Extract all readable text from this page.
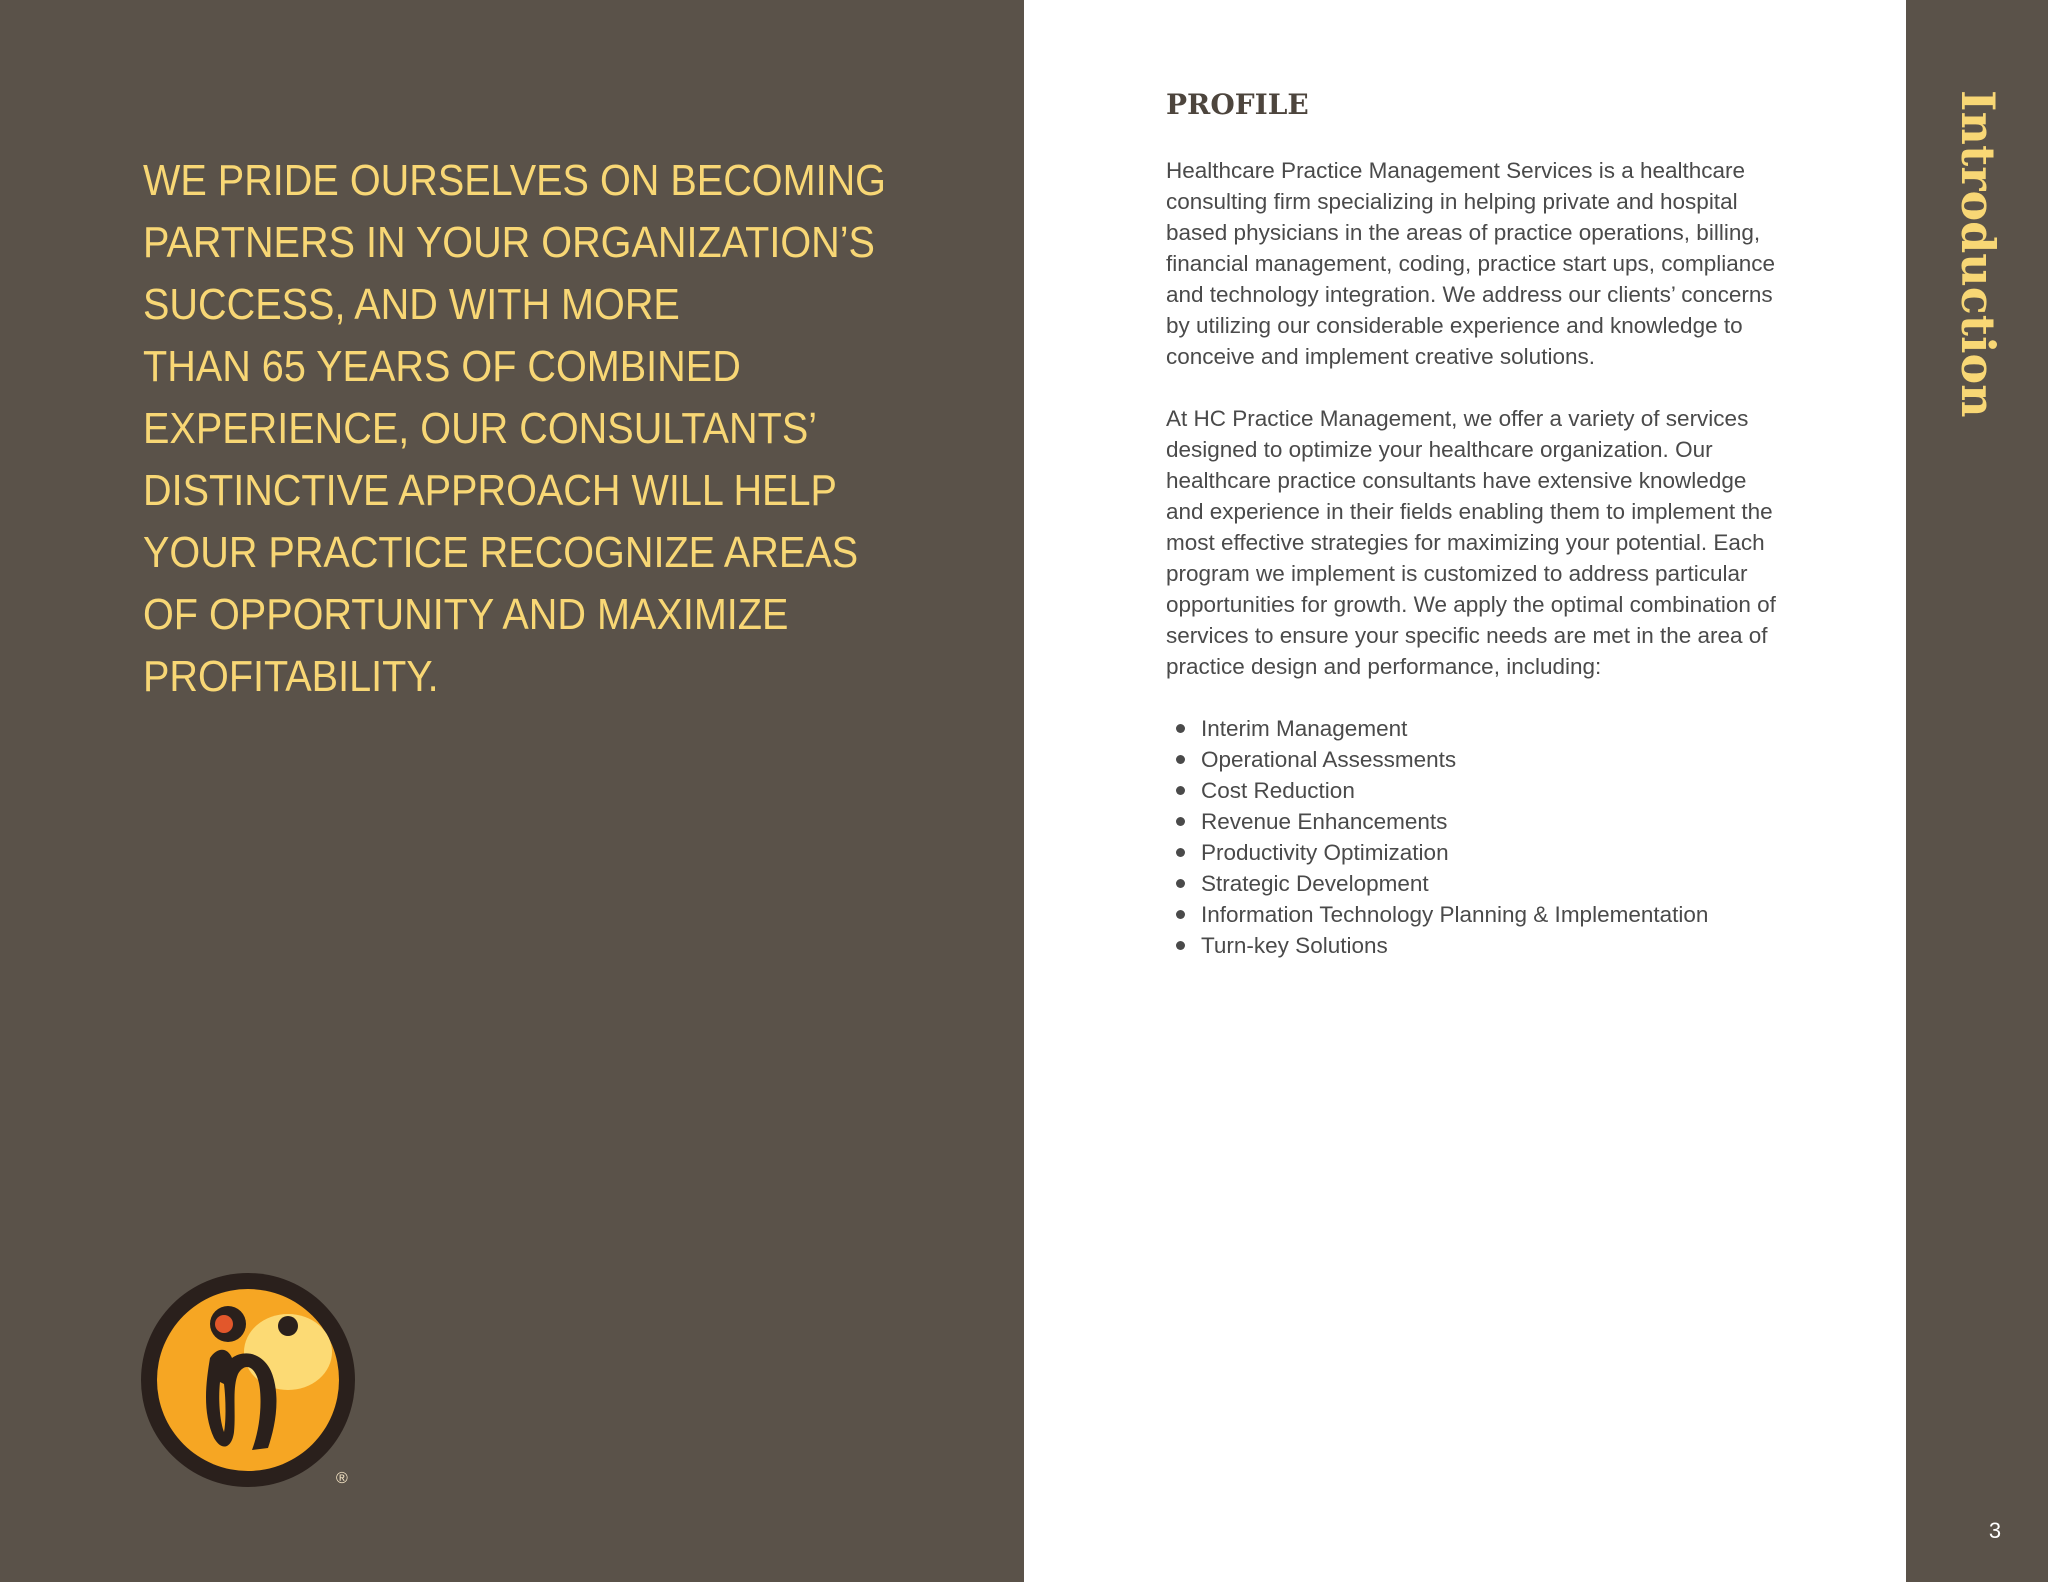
WE PRIDE OURSELVES ON BECOMING
PARTNERS IN YOUR ORGANIZATION’S
SUCCESS, AND WITH MORE
THAN 65 YEARS OF COMBINED
EXPERIENCE, OUR CONSULTANTS’
DISTINCTIVE APPROACH WILL HELP
YOUR PRACTICE RECOGNIZE AREAS
OF OPPORTUNITY AND MAXIMIZE
PROFITABILITY.
®
PROFILE

Healthcare Practice Management Services is a healthcare
consulting firm specializing in helping private and hospital
based physicians in the areas of practice operations, billing,
financial management, coding, practice start ups, compliance
and technology integration. We address our clients’ concerns
by utilizing our considerable experience and knowledge to
conceive and implement creative solutions.

At HC Practice Management, we offer a variety of services
designed to optimize your healthcare organization. Our
healthcare practice consultants have extensive knowledge
and experience in their fields enabling them to implement the
most effective strategies for maximizing your potential. Each
program we implement is customized to address particular
opportunities for growth. We apply the optimal combination of
services to ensure your specific needs are met in the area of
practice design and performance, including:

Interim Management
Operational Assessments
Cost Reduction
Revenue Enhancements
Productivity Optimization
Strategic Development
Information Technology Planning & Implementation
Turn-key Solutions
Introduction
3
